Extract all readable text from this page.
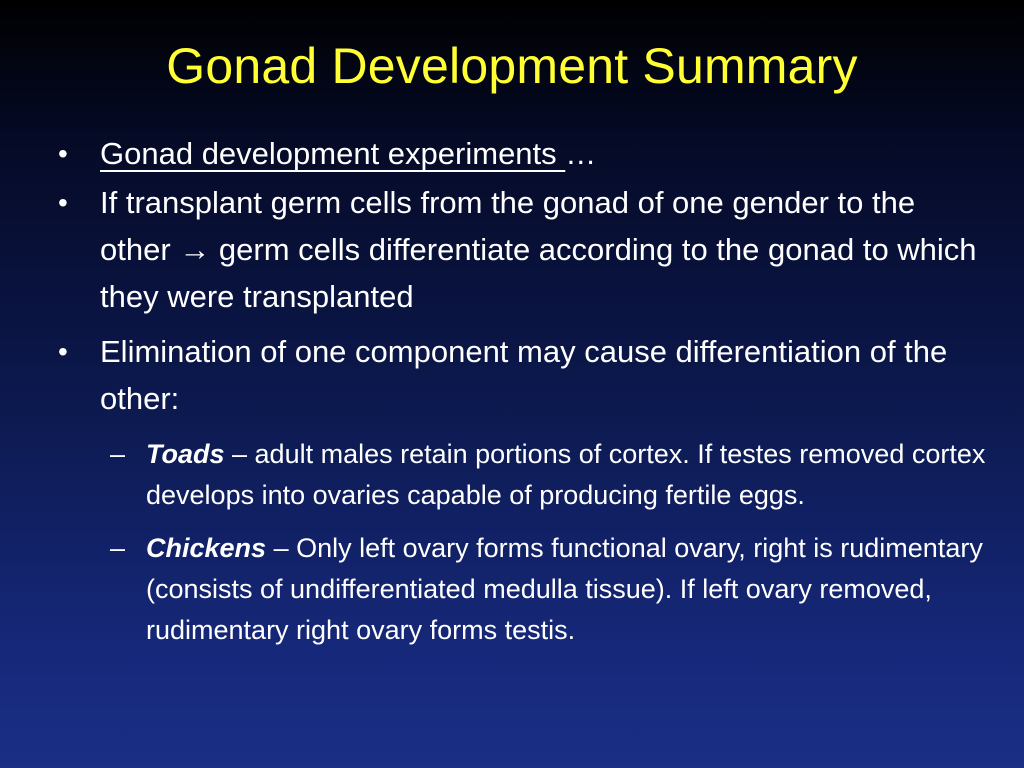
Gonad Development Summary
•	Gonad development experiments …
•	If transplant germ cells from the gonad of one gender to the other → germ cells differentiate according to the gonad to which they were transplanted
•	Elimination of one component may cause differentiation of the other:
– Toads – adult males retain portions of cortex. If testes removed cortex develops into ovaries capable of producing fertile eggs.
– Chickens – Only left ovary forms functional ovary, right is rudimentary (consists of undifferentiated medulla tissue). If left ovary removed, rudimentary right ovary forms testis.
